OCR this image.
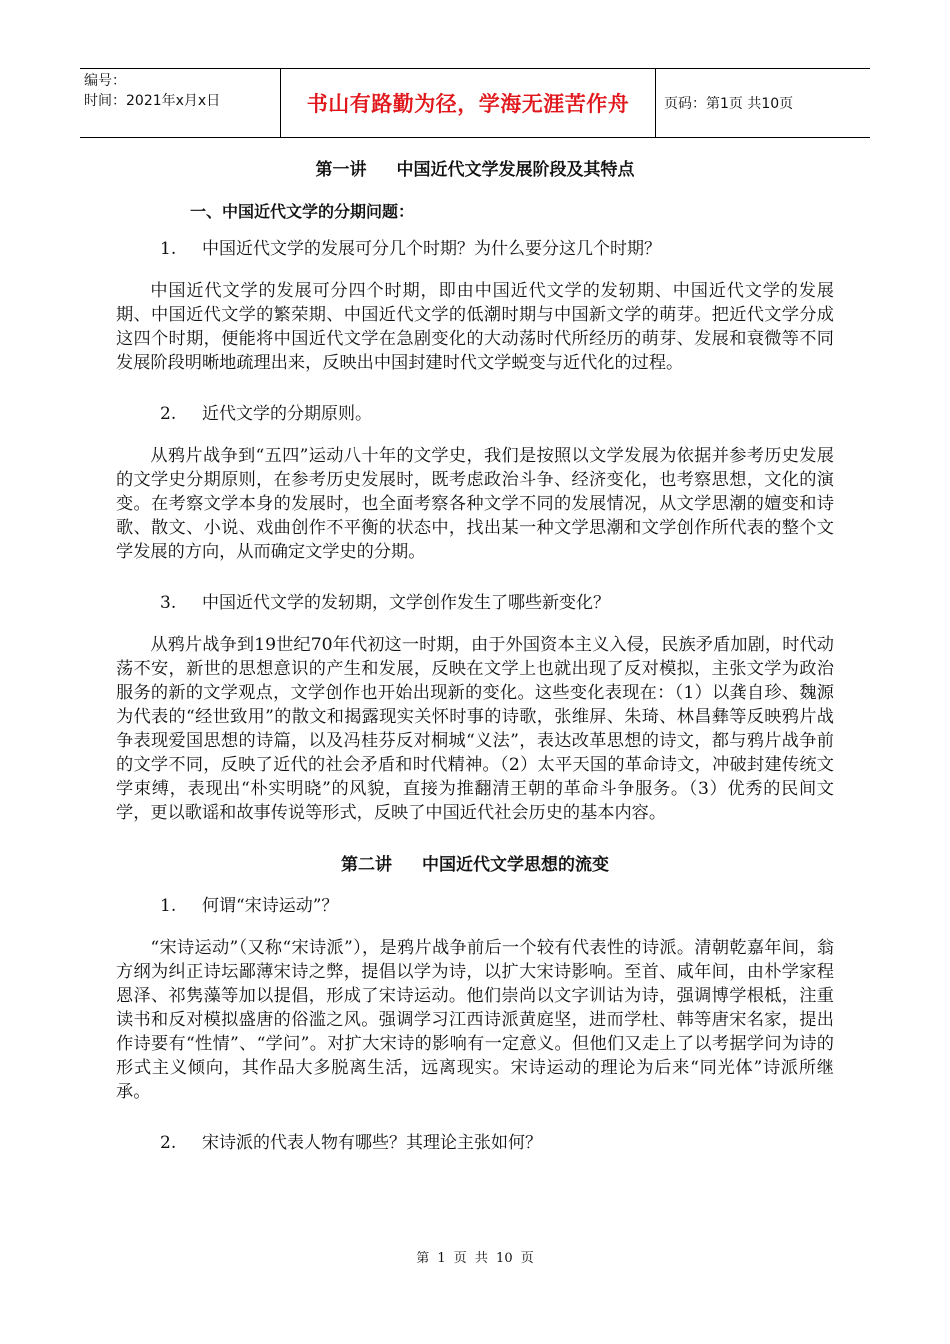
编号：
时间：2021年x月x日	书山有路勤为径，学海无涯苦作舟	页码：第1页 共10页
第一讲 中国近代文学发展阶段及其特点
一、中国近代文学的分期问题：

1. 中国近代文学的发展可分几个时期？为什么要分这几个时期？

中国近代文学的发展可分四个时期，即由中国近代文学的发轫期、中国近代文学的发展期、中国近代文学的繁荣期、中国近代文学的低潮时期与中国新文学的萌芽。把近代文学分成这四个时期，便能将中国近代文学在急剧变化的大动荡时代所经历的萌芽、发展和衰微等不同发展阶段明晰地疏理出来，反映出中国封建时代文学蜕变与近代化的过程。

2. 近代文学的分期原则。

从鸦片战争到“五四”运动八十年的文学史，我们是按照以文学发展为依据并参考历史发展的文学史分期原则，在参考历史发展时，既考虑政治斗争、经济变化，也考察思想，文化的演变。在考察文学本身的发展时，也全面考察各种文学不同的发展情况，从文学思潮的嬗变和诗歌、散文、小说、戏曲创作不平衡的状态中，找出某一种文学思潮和文学创作所代表的整个文学发展的方向，从而确定文学史的分期。

3. 中国近代文学的发轫期，文学创作发生了哪些新变化？

从鸦片战争到19世纪70年代初这一时期，由于外国资本主义入侵，民族矛盾加剧，时代动荡不安，新世的思想意识的产生和发展，反映在文学上也就出现了反对模拟，主张文学为政治服务的新的文学观点，文学创作也开始出现新的变化。这些变化表现在：（1）以龚自珍、魏源为代表的“经世致用”的散文和揭露现实关怀时事的诗歌，张维屏、朱琦、林昌彝等反映鸦片战争表现爱国思想的诗篇，以及冯桂芬反对桐城“义法”，表达改革思想的诗文，都与鸦片战争前的文学不同，反映了近代的社会矛盾和时代精神。（2）太平天国的革命诗文，冲破封建传统文学束缚，表现出“朴实明晓”的风貌，直接为推翻清王朝的革命斗争服务。（3）优秀的民间文学，更以歌谣和故事传说等形式，反映了中国近代社会历史的基本内容。

第二讲 中国近代文学思想的流变

1. 何谓“宋诗运动”？

“宋诗运动”（又称“宋诗派”），是鸦片战争前后一个较有代表性的诗派。清朝乾嘉年间，翁方纲为纠正诗坛鄙薄宋诗之弊，提倡以学为诗，以扩大宋诗影响。至首、咸年间，由朴学家程恩泽、祁隽藻等加以提倡，形成了宋诗运动。他们崇尚以文字训诂为诗，强调博学根柢，注重读书和反对模拟盛唐的俗滥之风。强调学习江西诗派黄庭坚，进而学杜、韩等唐宋名家，提出作诗要有“性情”、“学问”。对扩大宋诗的影响有一定意义。但他们又走上了以考据学问为诗的形式主义倾向，其作品大多脱离生活，远离现实。宋诗运动的理论为后来“同光体”诗派所继承。

2. 宋诗派的代表人物有哪些？其理论主张如何？

第 1 页 共 10 页
